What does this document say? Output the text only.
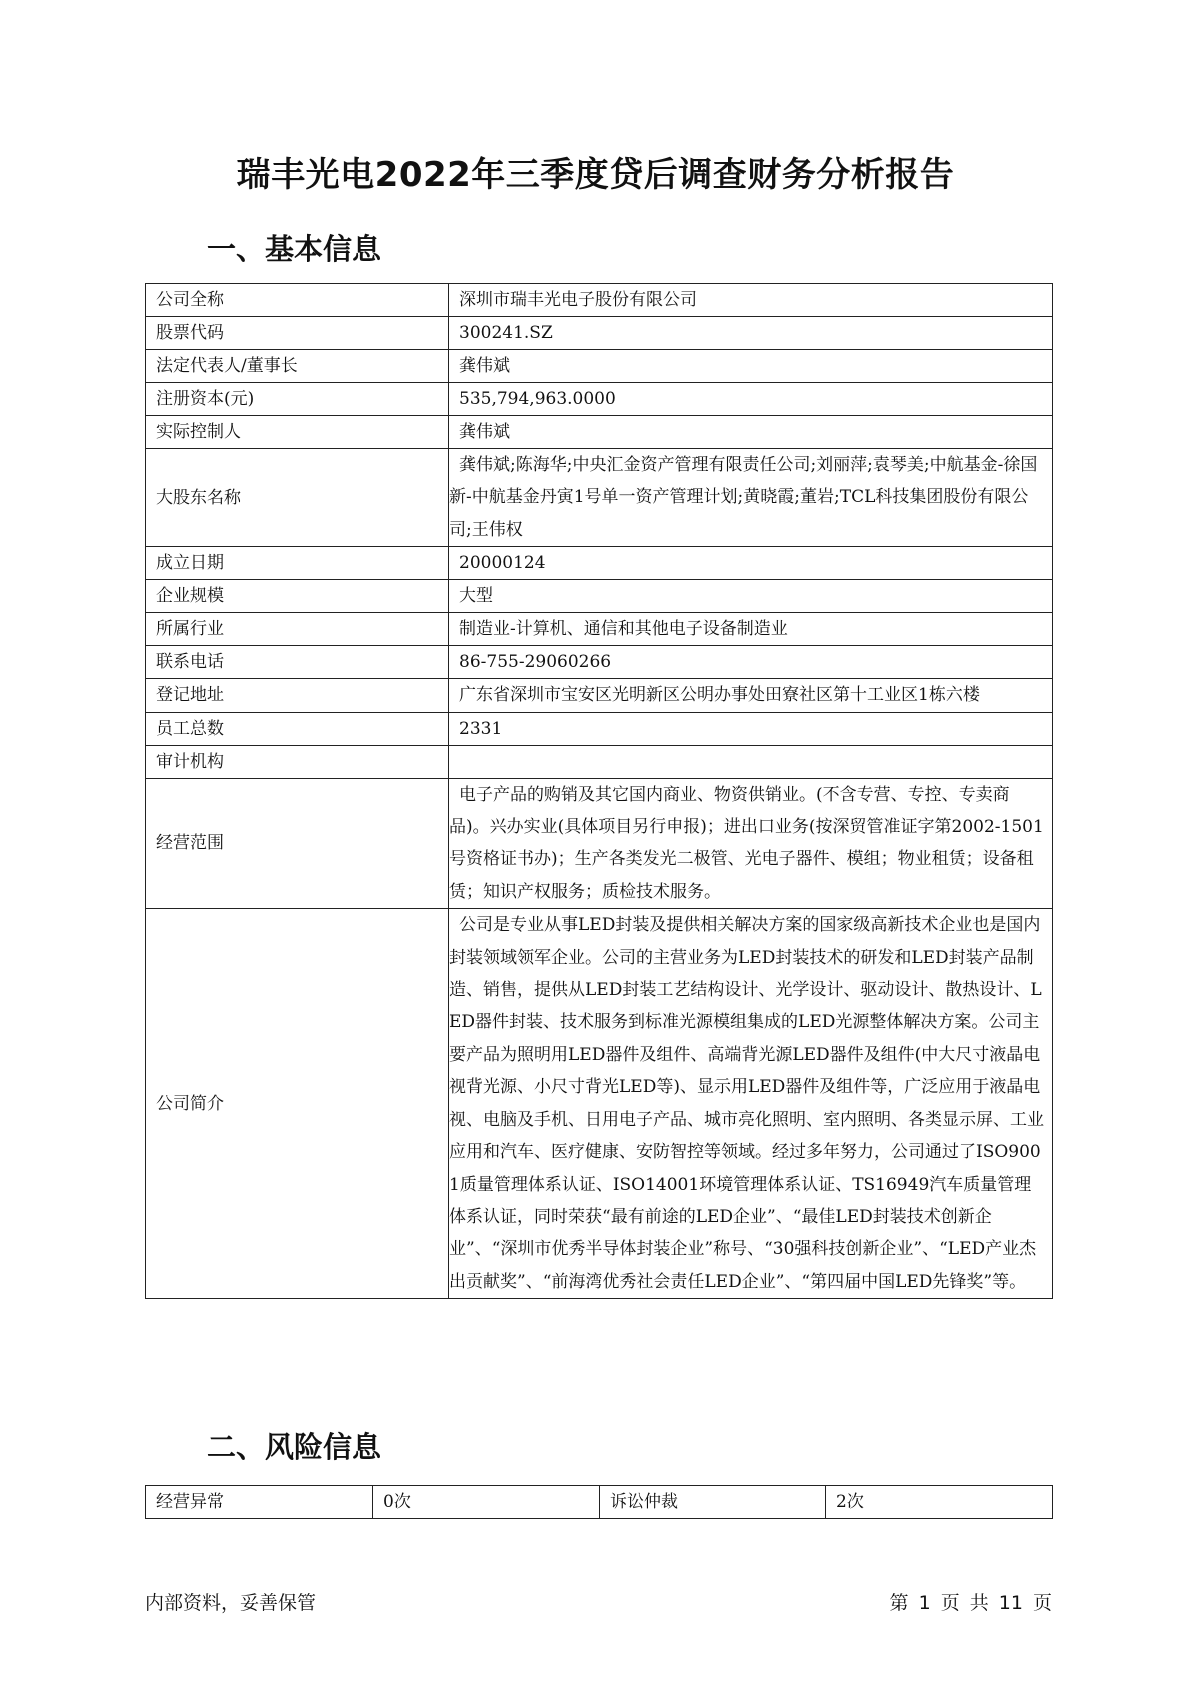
瑞丰光电2022年三季度贷后调查财务分析报告
一、基本信息
公司全称	深圳市瑞丰光电子股份有限公司

股票代码	300241.SZ

法定代表人/董事长	龚伟斌

注册资本(元)	535,794,963.0000

实际控制人	龚伟斌

大股东名称	龚伟斌;陈海华;中央汇金资产管理有限责任公司;刘丽萍;袁琴美;中航基金-徐国新-中航基金丹寅1号单一资产管理计划;黄晓霞;董岩;TCL科技集团股份有限公司;王伟权

成立日期	20000124

企业规模	大型

所属行业	制造业-计算机、通信和其他电子设备制造业

联系电话	86-755-29060266

登记地址	广东省深圳市宝安区光明新区公明办事处田寮社区第十工业区1栋六楼

员工总数	2331

审计机构	

经营范围	电子产品的购销及其它国内商业、物资供销业。(不含专营、专控、专卖商品)。兴办实业(具体项目另行申报)；进出口业务(按深贸管准证字第2002-1501号资格证书办)；生产各类发光二极管、光电子器件、模组；物业租赁；设备租赁；知识产权服务；质检技术服务。

公司简介	公司是专业从事LED封装及提供相关解决方案的国家级高新技术企业也是国内封装领域领军企业。公司的主营业务为LED封装技术的研发和LED封装产品制造、销售，提供从LED封装工艺结构设计、光学设计、驱动设计、散热设计、LED器件封装、技术服务到标准光源模组集成的LED光源整体解决方案。公司主要产品为照明用LED器件及组件、高端背光源LED器件及组件(中大尺寸液晶电视背光源、小尺寸背光LED等)、显示用LED器件及组件等，广泛应用于液晶电视、电脑及手机、日用电子产品、城市亮化照明、室内照明、各类显示屏、工业应用和汽车、医疗健康、安防智控等领域。经过多年努力，公司通过了ISO9001质量管理体系认证、ISO14001环境管理体系认证、TS16949汽车质量管理体系认证，同时荣获“最有前途的LED企业”、“最佳LED封装技术创新企业”、“深圳市优秀半导体封装企业”称号、“30强科技创新企业”、“LED产业杰出贡献奖”、“前海湾优秀社会责任LED企业”、“第四届中国LED先锋奖”等。
二、风险信息
经营异常	0次	诉讼仲裁	2次
内部资料，妥善保管	第 1 页 共 11 页
